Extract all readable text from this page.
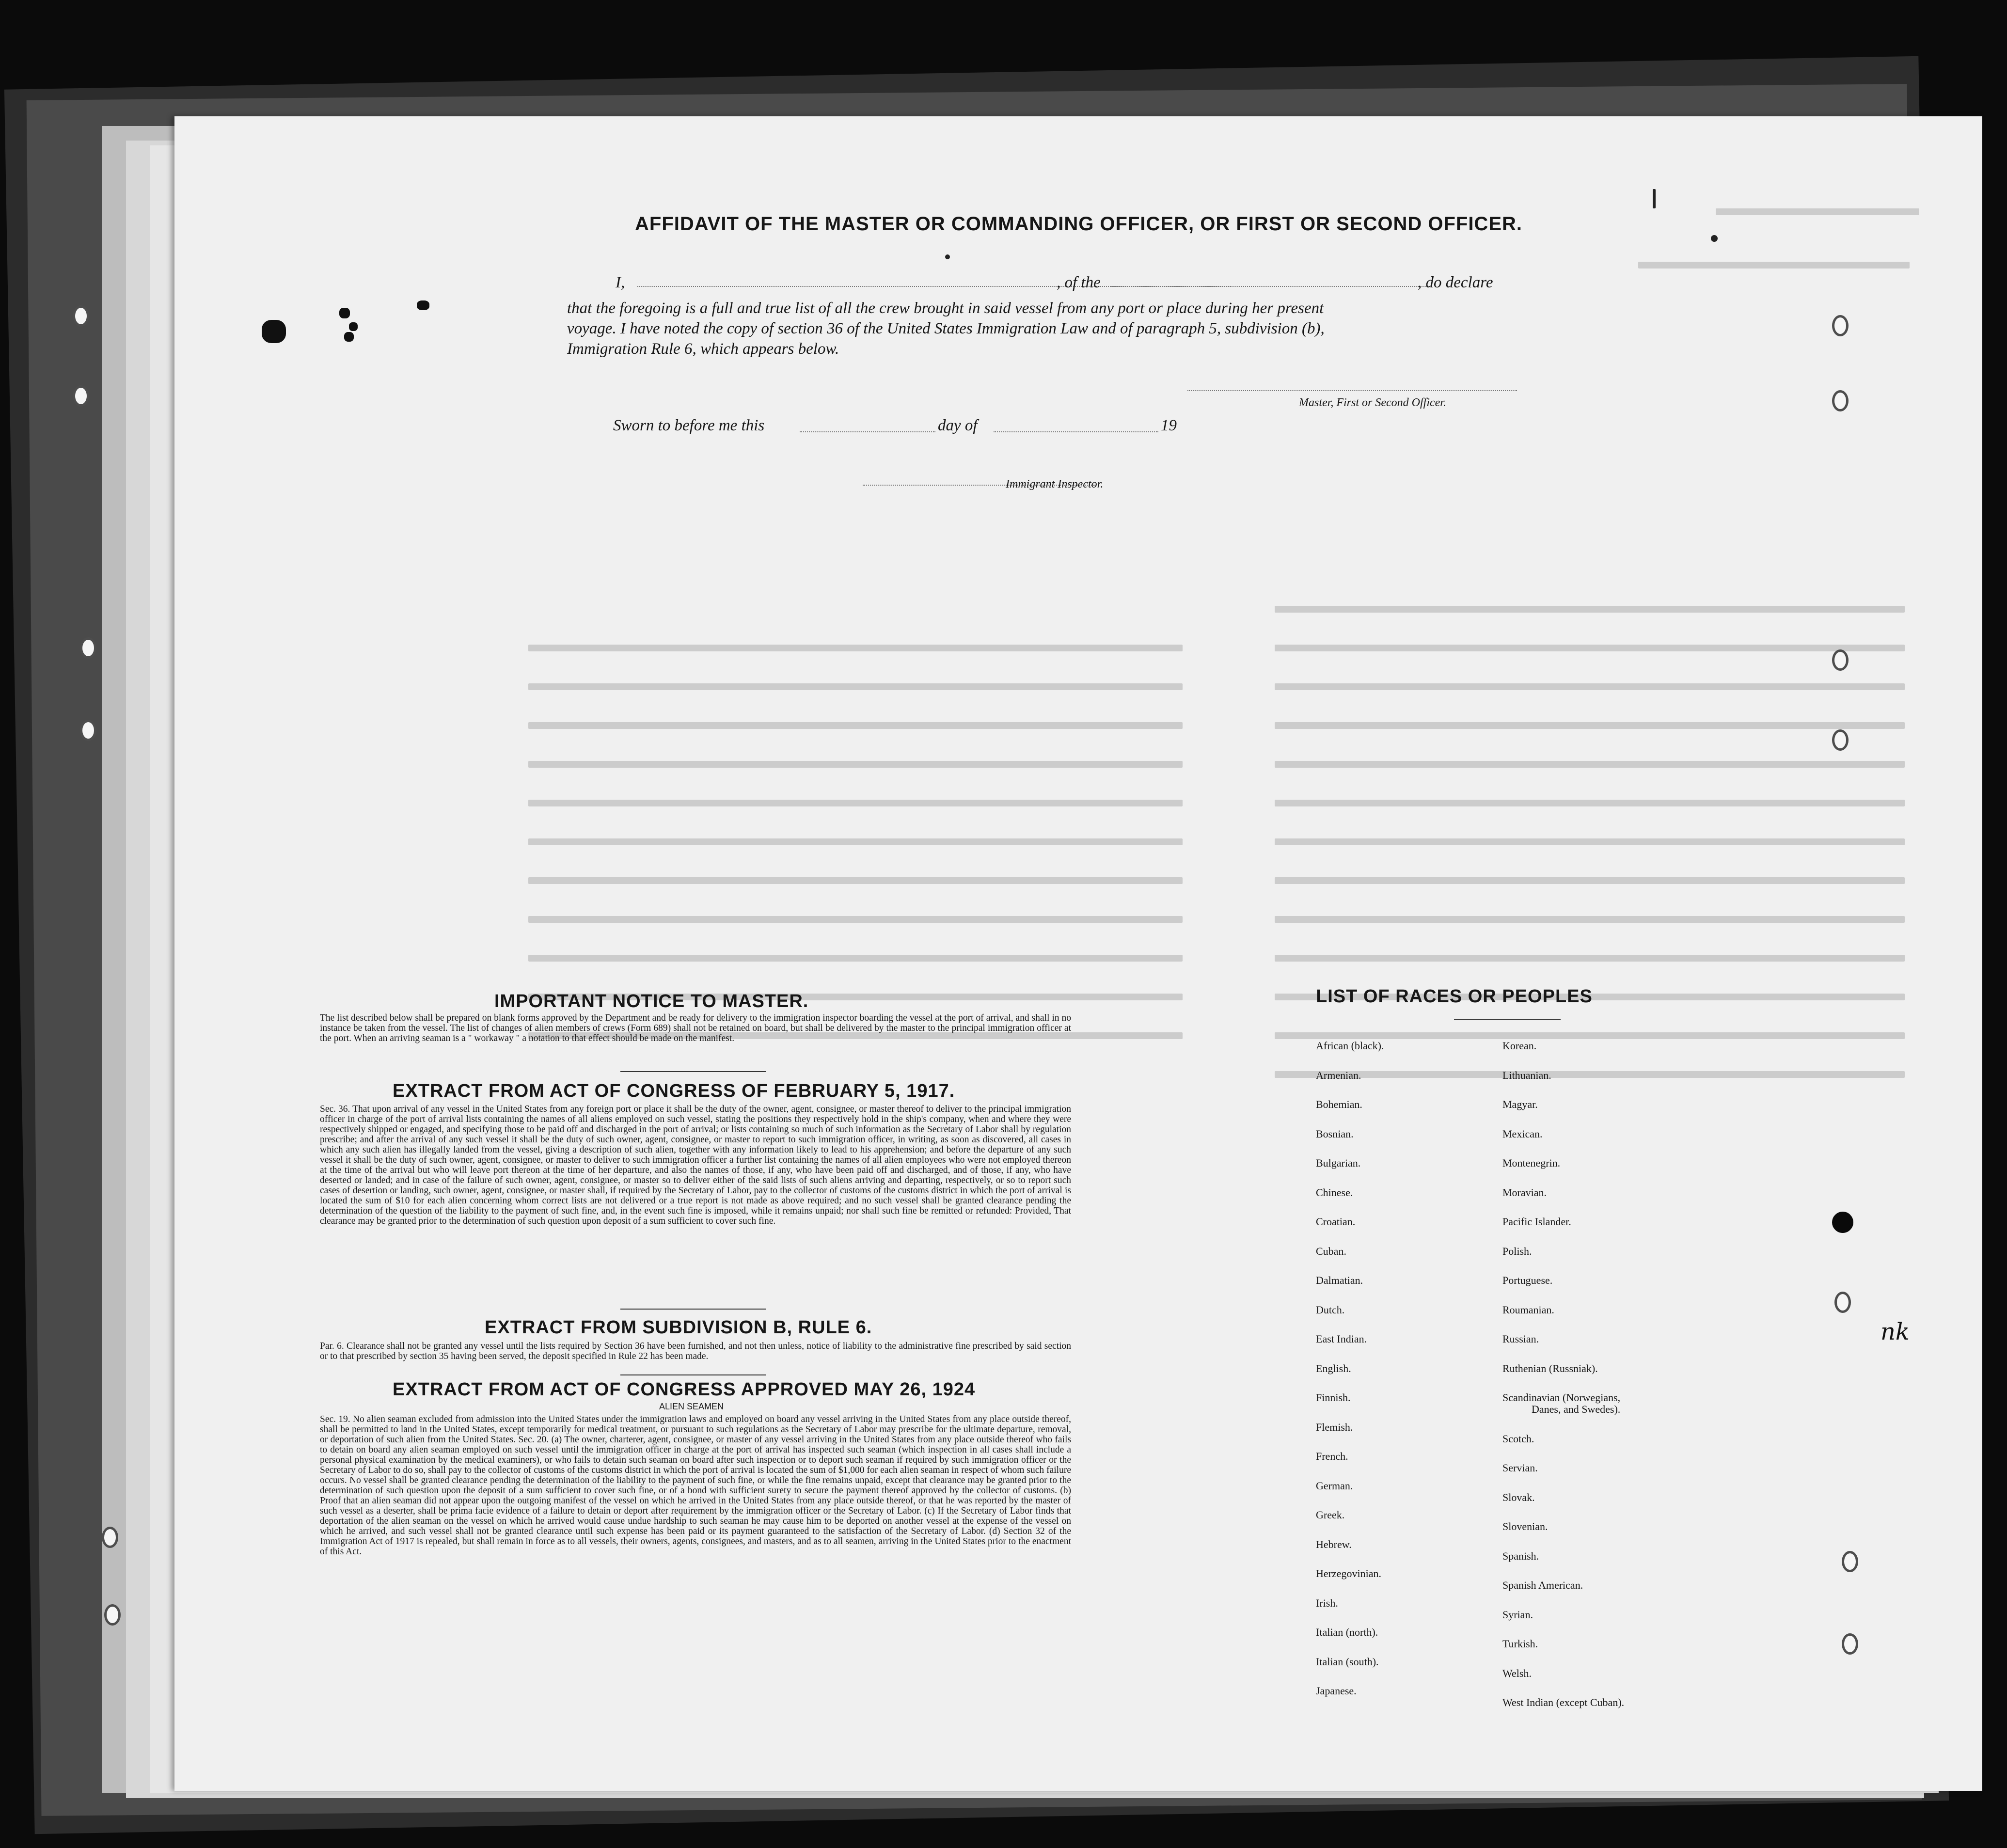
AFFIDAVIT OF THE MASTER OR COMMANDING OFFICER, OR FIRST OR SECOND OFFICER.
I,	, of the	, do declare
that the foregoing is a full and true list of all the crew brought in said vessel from any port or place during her present
voyage. I have noted the copy of section 36 of the United States Immigration Law and of paragraph 5, subdivision (b),
Immigration Rule 6, which appears below.
Master, First or Second Officer.
Sworn to before me this	day of	19
Immigrant Inspector.
IMPORTANT NOTICE TO MASTER.

The list described below shall be prepared on blank forms approved by the Department and be ready for delivery to the immigration inspector boarding the vessel at the port of arrival, and shall in no instance be taken from the vessel. The list of changes of alien members of crews (Form 689) shall not be retained on board, but shall be delivered by the master to the principal immigration officer at the port. When an arriving seaman is a " workaway " a notation to that effect should be made on the manifest.

EXTRACT FROM ACT OF CONGRESS OF FEBRUARY 5, 1917.

Sec. 36. That upon arrival of any vessel in the United States from any foreign port or place it shall be the duty of the owner, agent, consignee, or master thereof to deliver to the principal immigration officer in charge of the port of arrival lists containing the names of all aliens employed on such vessel, stating the positions they respectively hold in the ship's company, when and where they were respectively shipped or engaged, and specifying those to be paid off and discharged in the port of arrival; or lists containing so much of such information as the Secretary of Labor shall by regulation prescribe; and after the arrival of any such vessel it shall be the duty of such owner, agent, consignee, or master to report to such immigration officer, in writing, as soon as discovered, all cases in which any such alien has illegally landed from the vessel, giving a description of such alien, together with any information likely to lead to his apprehension; and before the departure of any such vessel it shall be the duty of such owner, agent, consignee, or master to deliver to such immigration officer a further list containing the names of all alien employees who were not employed thereon at the time of the arrival but who will leave port thereon at the time of her departure, and also the names of those, if any, who have been paid off and discharged, and of those, if any, who have deserted or landed; and in case of the failure of such owner, agent, consignee, or master so to deliver either of the said lists of such aliens arriving and departing, respectively, or so to report such cases of desertion or landing, such owner, agent, consignee, or master shall, if required by the Secretary of Labor, pay to the collector of customs of the customs district in which the port of arrival is located the sum of $10 for each alien concerning whom correct lists are not delivered or a true report is not made as above required; and no such vessel shall be granted clearance pending the determination of the question of the liability to the payment of such fine, and, in the event such fine is imposed, while it remains unpaid; nor shall such fine be remitted or refunded: Provided, That clearance may be granted prior to the determination of such question upon deposit of a sum sufficient to cover such fine.

EXTRACT FROM SUBDIVISION B, RULE 6.

Par. 6. Clearance shall not be granted any vessel until the lists required by Section 36 have been furnished, and not then unless, notice of liability to the administrative fine prescribed by said section or to that prescribed by section 35 having been served, the deposit specified in Rule 22 has been made.

EXTRACT FROM ACT OF CONGRESS APPROVED MAY 26, 1924
ALIEN SEAMEN

Sec. 19. No alien seaman excluded from admission into the United States under the immigration laws and employed on board any vessel arriving in the United States from any place outside thereof, shall be permitted to land in the United States, except temporarily for medical treatment, or pursuant to such regulations as the Secretary of Labor may prescribe for the ultimate departure, removal, or deportation of such alien from the United States. Sec. 20. (a) The owner, charterer, agent, consignee, or master of any vessel arriving in the United States from any place outside thereof who fails to detain on board any alien seaman employed on such vessel until the immigration officer in charge at the port of arrival has inspected such seaman (which inspection in all cases shall include a personal physical examination by the medical examiners), or who fails to detain such seaman on board after such inspection or to deport such seaman if required by such immigration officer or the Secretary of Labor to do so, shall pay to the collector of customs of the customs district in which the port of arrival is located the sum of $1,000 for each alien seaman in respect of whom such failure occurs. No vessel shall be granted clearance pending the determination of the liability to the payment of such fine, or while the fine remains unpaid, except that clearance may be granted prior to the determination of such question upon the deposit of a sum sufficient to cover such fine, or of a bond with sufficient surety to secure the payment thereof approved by the collector of customs. (b) Proof that an alien seaman did not appear upon the outgoing manifest of the vessel on which he arrived in the United States from any place outside thereof, or that he was reported by the master of such vessel as a deserter, shall be prima facie evidence of a failure to detain or deport after requirement by the immigration officer or the Secretary of Labor. (c) If the Secretary of Labor finds that deportation of the alien seaman on the vessel on which he arrived would cause undue hardship to such seaman he may cause him to be deported on another vessel at the expense of the vessel on which he arrived, and such vessel shall not be granted clearance until such expense has been paid or its payment guaranteed to the satisfaction of the Secretary of Labor. (d) Section 32 of the Immigration Act of 1917 is repealed, but shall remain in force as to all vessels, their owners, agents, consignees, and masters, and as to all seamen, arriving in the United States prior to the enactment of this Act.

LIST OF RACES OR PEOPLES
African (black).
Armenian.
Bohemian.
Bosnian.
Bulgarian.
Chinese.
Croatian.
Cuban.
Dalmatian.
Dutch.
East Indian.
English.
Finnish.
Flemish.
French.
German.
Greek.
Hebrew.
Herzegovinian.
Irish.
Italian (north).
Italian (south).
Japanese.
Korean.
Lithuanian.
Magyar.
Mexican.
Montenegrin.
Moravian.
Pacific Islander.
Polish.
Portuguese.
Roumanian.
Russian.
Ruthenian (Russniak).
Scandinavian (Norwegians,
Danes, and Swedes).
Scotch.
Servian.
Slovak.
Slovenian.
Spanish.
Spanish American.
Syrian.
Turkish.
Welsh.
West Indian (except Cuban).
nk
